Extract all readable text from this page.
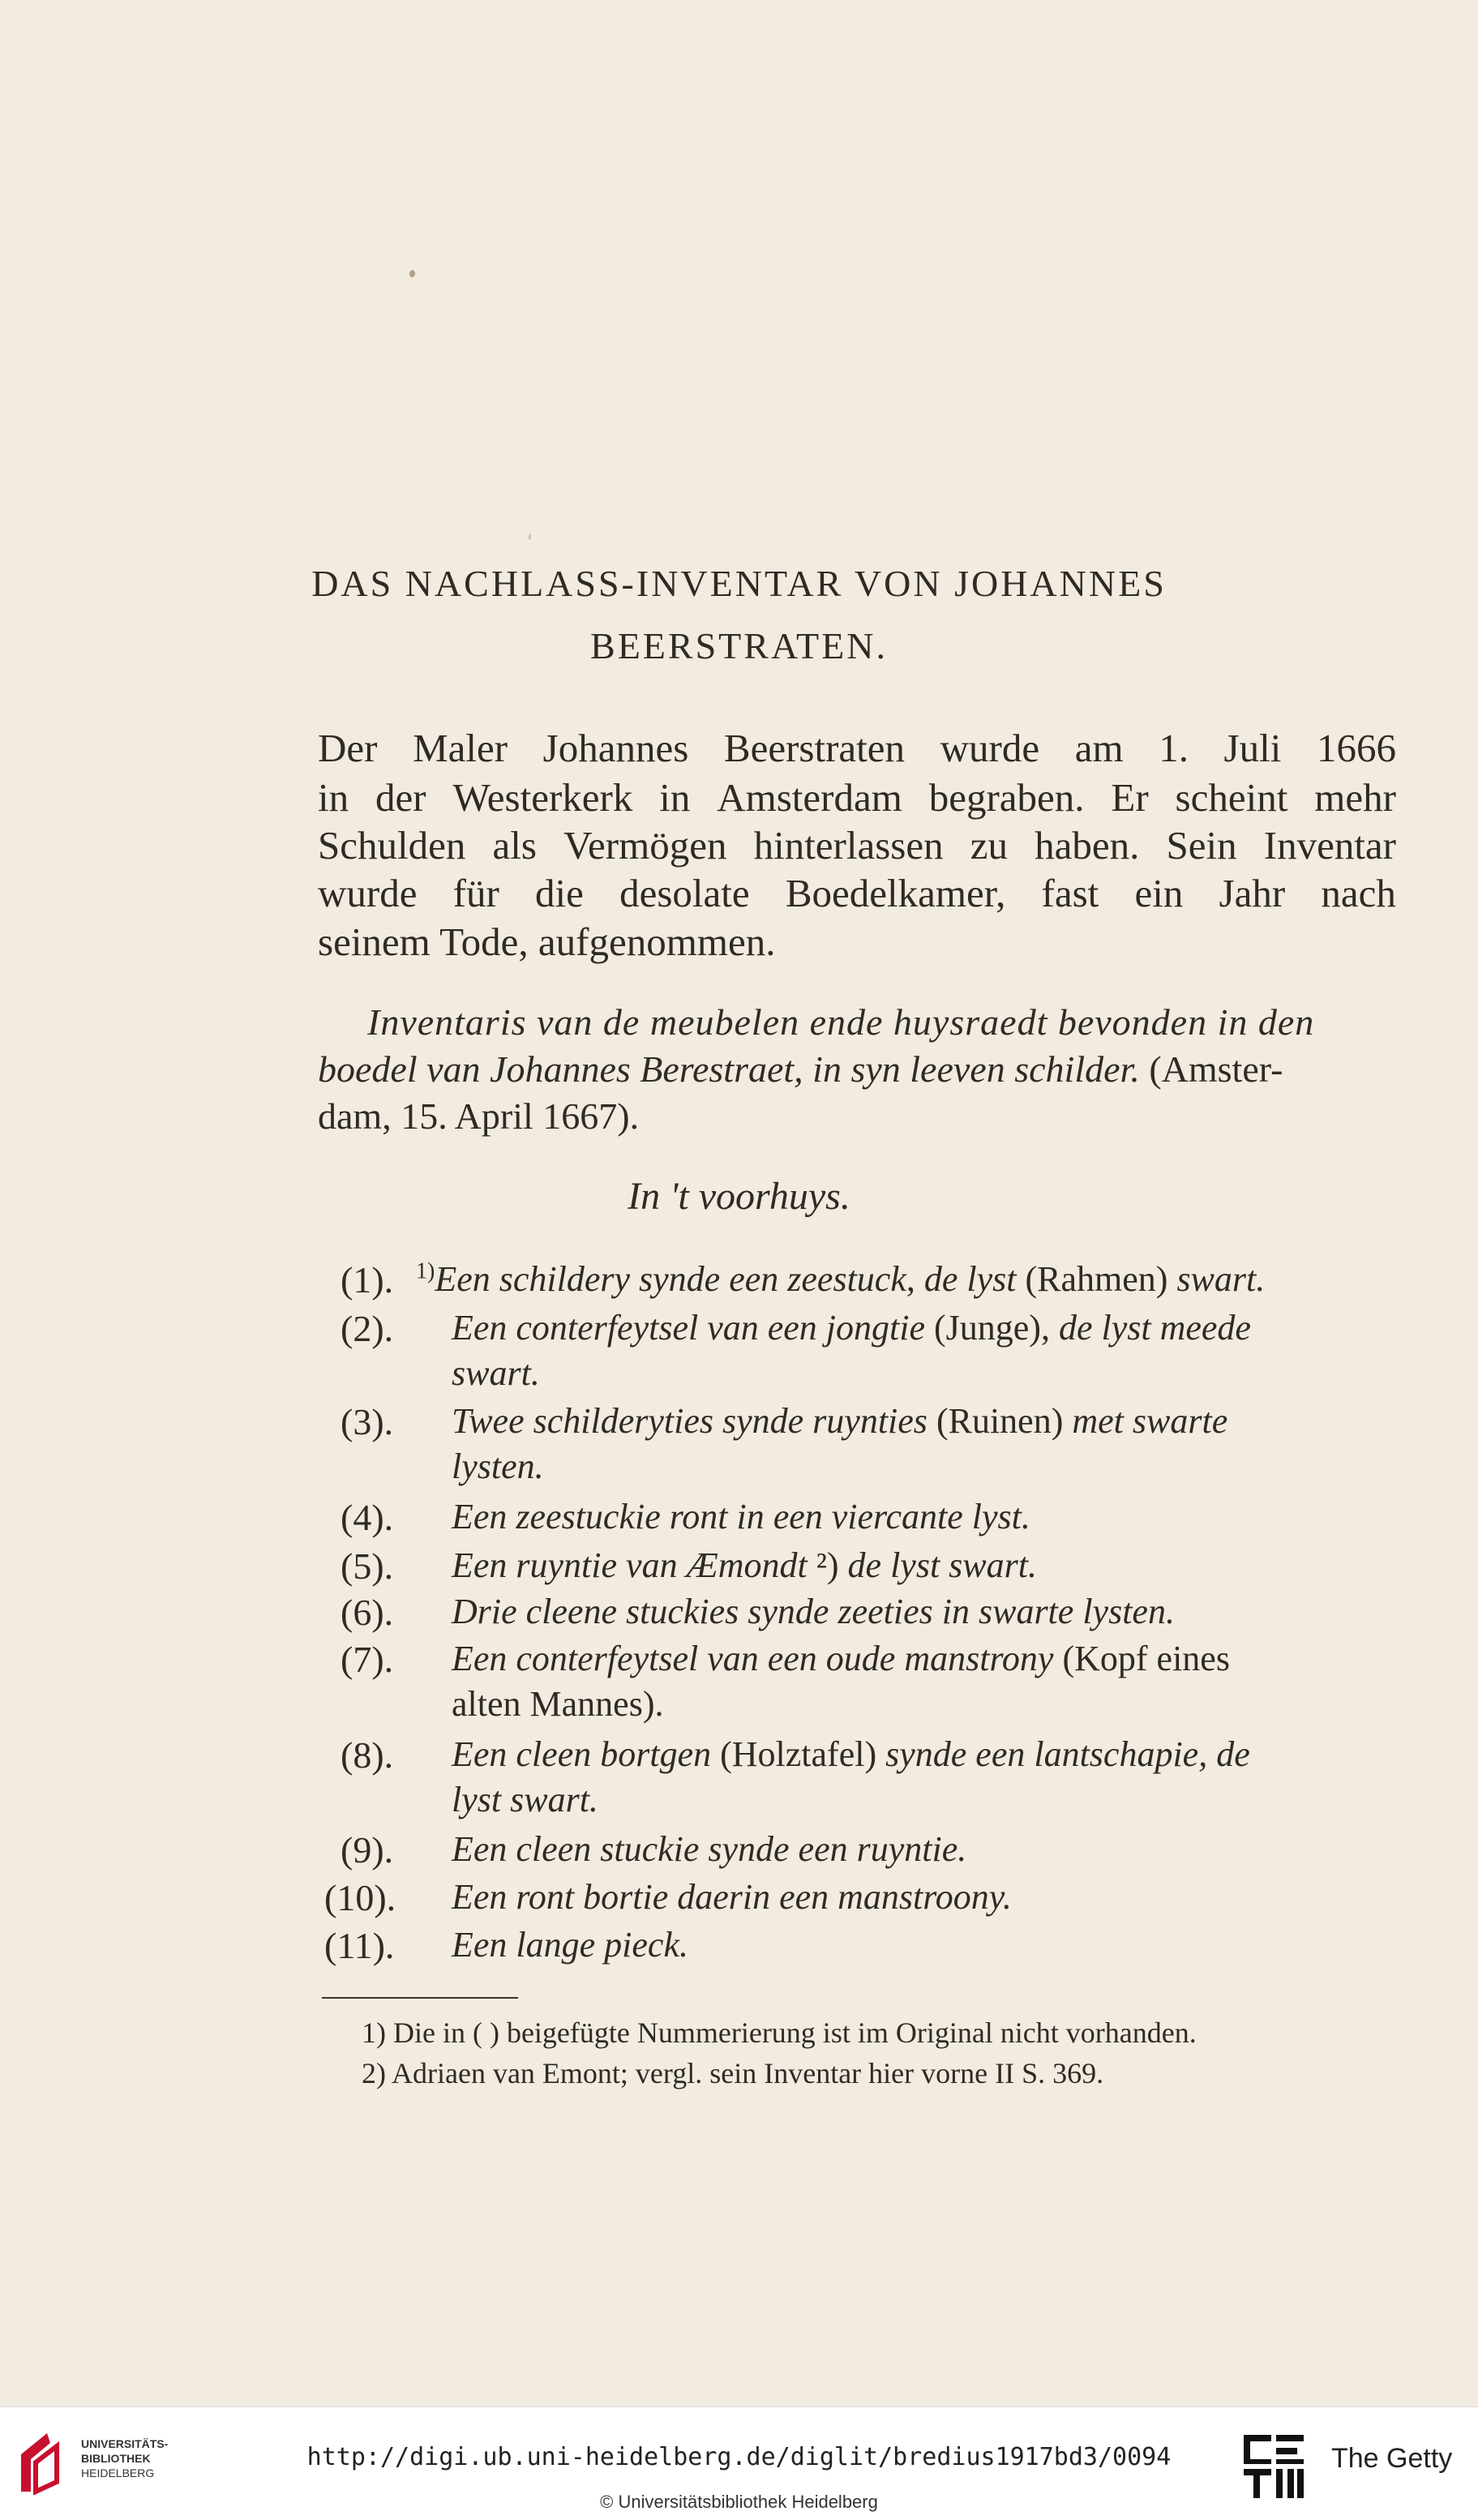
DAS NACHLASS-INVENTAR VON JOHANNES
BEERSTRATEN.
Der Maler Johannes Beerstraten wurde am 1. Juli 1666
in der Westerkerk in Amsterdam begraben. Er scheint mehr
Schulden als Vermögen hinterlassen zu haben. Sein Inventar
wurde für die desolate Boedelkamer, fast ein Jahr nach
seinem Tode, aufgenommen.
Inventaris van de meubelen ende huysraedt bevonden in den
boedel van Johannes Berestraet, in syn leeven schilder. (Amster-
dam, 15. April 1667).
In 't voorhuys.
(1). $^{1)}$Een schildery synde een zeestuck, de lyst (Rahmen) swart.
(2). Een conterfeytsel van een jongtie (Junge), de lyst meede
swart.
(3). Twee schilderyties synde ruynties (Ruinen) met swarte
lysten.
(4). Een zeestuckie ront in een viercante lyst.
(5). Een ruyntie van Æmondt ²) de lyst swart.
(6). Drie cleene stuckies synde zeeties in swarte lysten.
(7). Een conterfeytsel van een oude manstrony (Kopf eines
alten Mannes).
(8). Een cleen bortgen (Holztafel) synde een lantschapie, de
lyst swart.
(9). Een cleen stuckie synde een ruyntie.
(10). Een ront bortie daerin een manstroony.
(11). Een lange pieck.
1) Die in ( ) beigefügte Nummerierung ist im Original nicht vorhanden.
2) Adriaen van Emont; vergl. sein Inventar hier vorne II S. 369.
UNIVERSITÄTS-
BIBLIOTHEK
HEIDELBERG
http://digi.ub.uni-heidelberg.de/diglit/bredius1917bd3/0094
© Universitätsbibliothek Heidelberg
The Getty
